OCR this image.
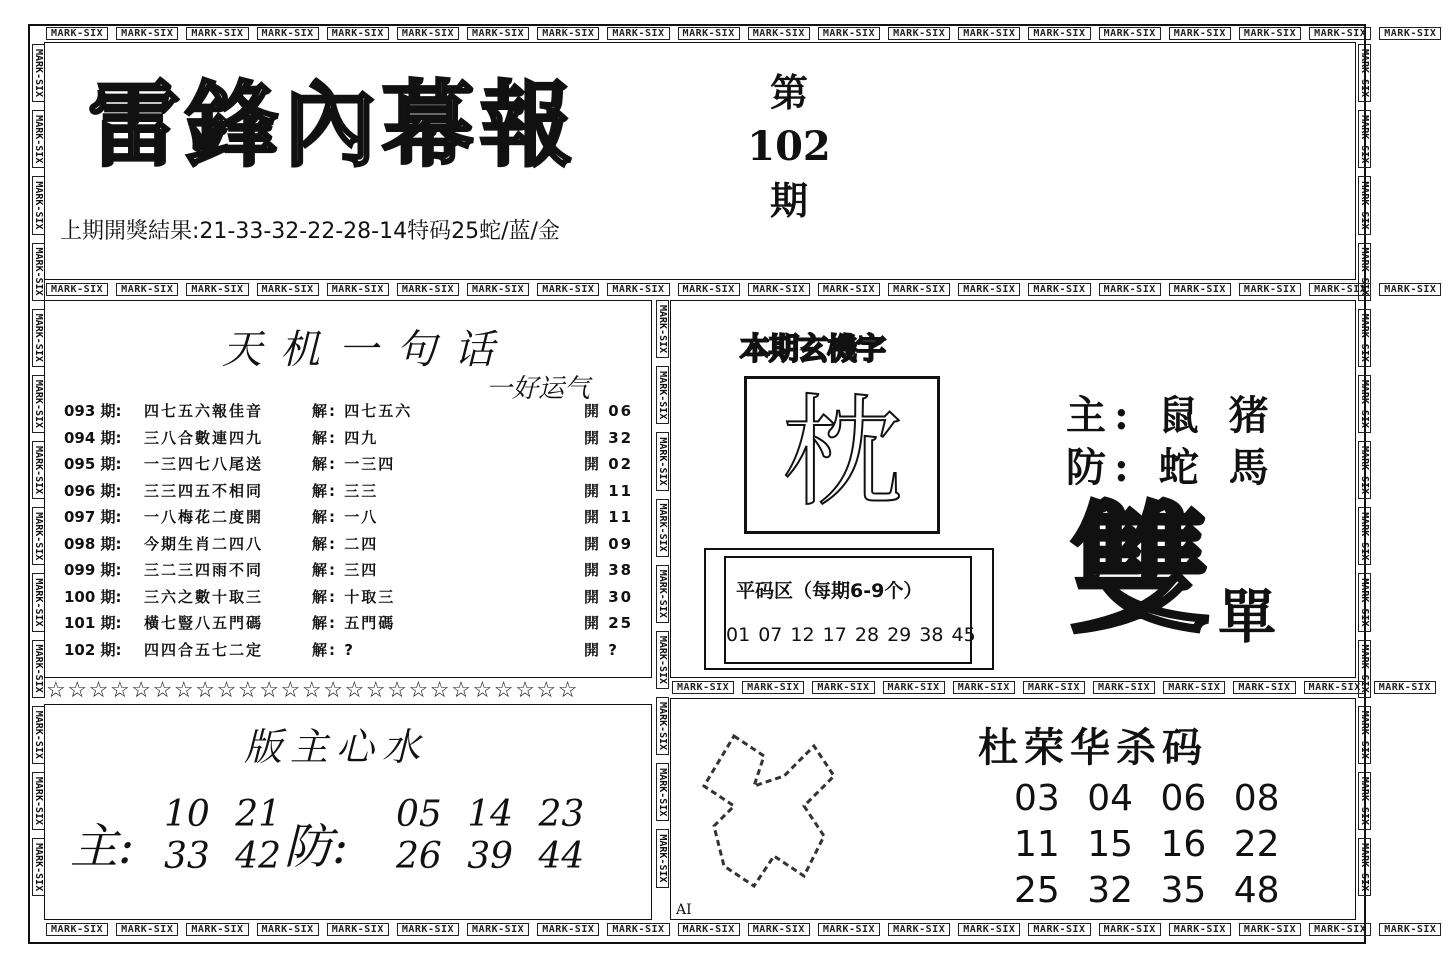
MARK-SIX MARK-SIX MARK-SIX MARK-SIX MARK-SIX MARK-SIX MARK-SIX MARK-SIX MARK-SIX MARK-SIX MARK-SIX MARK-SIX MARK-SIX MARK-SIX MARK-SIX MARK-SIX MARK-SIX MARK-SIX MARK-SIX MARK-SIX
MARK-SIX MARK-SIX MARK-SIX MARK-SIX MARK-SIX MARK-SIX MARK-SIX MARK-SIX MARK-SIX MARK-SIX MARK-SIX MARK-SIX MARK-SIX MARK-SIX MARK-SIX MARK-SIX MARK-SIX MARK-SIX MARK-SIX MARK-SIX
MARK-SIX MARK-SIX MARK-SIX MARK-SIX MARK-SIX MARK-SIX MARK-SIX MARK-SIX MARK-SIX MARK-SIX MARK-SIX
MARK-SIX MARK-SIX MARK-SIX MARK-SIX MARK-SIX MARK-SIX MARK-SIX MARK-SIX MARK-SIX MARK-SIX MARK-SIX MARK-SIX MARK-SIX MARK-SIX MARK-SIX MARK-SIX MARK-SIX MARK-SIX MARK-SIX MARK-SIX
MARK-SIXMARK-SIXMARK-SIXMARK-SIXMARK-SIXMARK-SIXMARK-SIXMARK-SIXMARK-SIXMARK-SIXMARK-SIXMARK-SIXMARK-SIX
MARK-SIXMARK-SIXMARK-SIXMARK-SIXMARK-SIXMARK-SIXMARK-SIXMARK-SIXMARK-SIXMARK-SIXMARK-SIXMARK-SIXMARK-SIX
MARK-SIXMARK-SIXMARK-SIXMARK-SIXMARK-SIXMARK-SIXMARK-SIXMARK-SIXMARK-SIX
雷鋒內幕報	第
102
期
上期開獎結果:21-33-32-22-28-14特码25蛇/蓝/金
天机一句话
一好运气
093 期: 四七五六報佳音	解: 四七五六	開 06
094 期: 三八合數連四九	解: 四九	開 32
095 期: 一三四七八尾送	解: 一三四	開 02
096 期: 三三四五不相同	解: 三三	開 11
097 期: 一八梅花二度開	解: 一八	開 11
098 期: 今期生肖二四八	解: 二四	開 09
099 期: 三二三四雨不同	解: 三四	開 38
100 期: 三六之數十取三	解: 十取三	開 30
101 期: 橫七豎八五門碼	解: 五門碼	開 25
102 期: 四四合五七二定	解: ?	開 ?
☆☆☆☆☆☆☆☆☆☆☆☆☆☆☆☆☆☆☆☆☆☆☆☆☆
版主心水
主:
10 21
33 42 防:
05 14 23
26 39 44
本期玄機字
枕
平码区（每期6-9个）
01 07 12 17 28 29 38 45
主: 鼠 猪
防: 蛇 馬
雙 單
杜荣华杀码
03 04 06 08
11 15 16 22
25 32 35 48
AI
